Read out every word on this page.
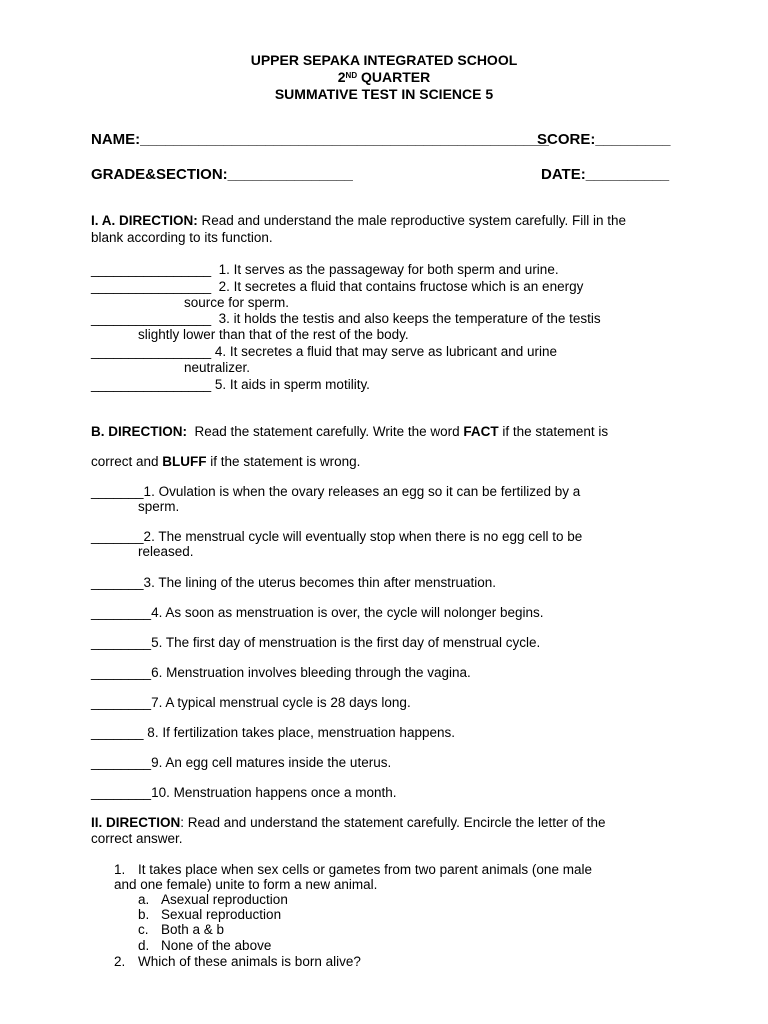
UPPER SEPAKA INTEGRATED SCHOOL
2ND QUARTER
SUMMATIVE TEST IN SCIENCE 5
NAME:_________________________________________________
SCORE:_________
GRADE&SECTION:_______________	DATE:__________
I. A. DIRECTION: Read and understand the male reproductive system carefully. Fill in the
blank according to its function.
________________  1. It serves as the passageway for both sperm and urine.
________________  2. It secretes a fluid that contains fructose which is an energy
source for sperm.
________________  3. it holds the testis and also keeps the temperature of the testis
slightly lower than that of the rest of the body.
________________ 4. It secretes a fluid that may serve as lubricant and urine
neutralizer.
________________ 5. It aids in sperm motility.
B. DIRECTION:  Read the statement carefully. Write the word FACT if the statement is
correct and BLUFF if the statement is wrong.
_______1. Ovulation is when the ovary releases an egg so it can be fertilized by a
sperm.
_______2. The menstrual cycle will eventually stop when there is no egg cell to be
released.
_______3. The lining of the uterus becomes thin after menstruation.
________4. As soon as menstruation is over, the cycle will nolonger begins.
________5. The first day of menstruation is the first day of menstrual cycle.
________6. Menstruation involves bleeding through the vagina.
________7. A typical menstrual cycle is 28 days long.
_______ 8. If fertilization takes place, menstruation happens.
________9. An egg cell matures inside the uterus.
________10. Menstruation happens once a month.
II. DIRECTION: Read and understand the statement carefully. Encircle the letter of the
correct answer.
1. It takes place when sex cells or gametes from two parent animals (one male
and one female) unite to form a new animal.
a. Asexual reproduction
b. Sexual reproduction
c. Both a & b
d. None of the above
2. Which of these animals is born alive?
